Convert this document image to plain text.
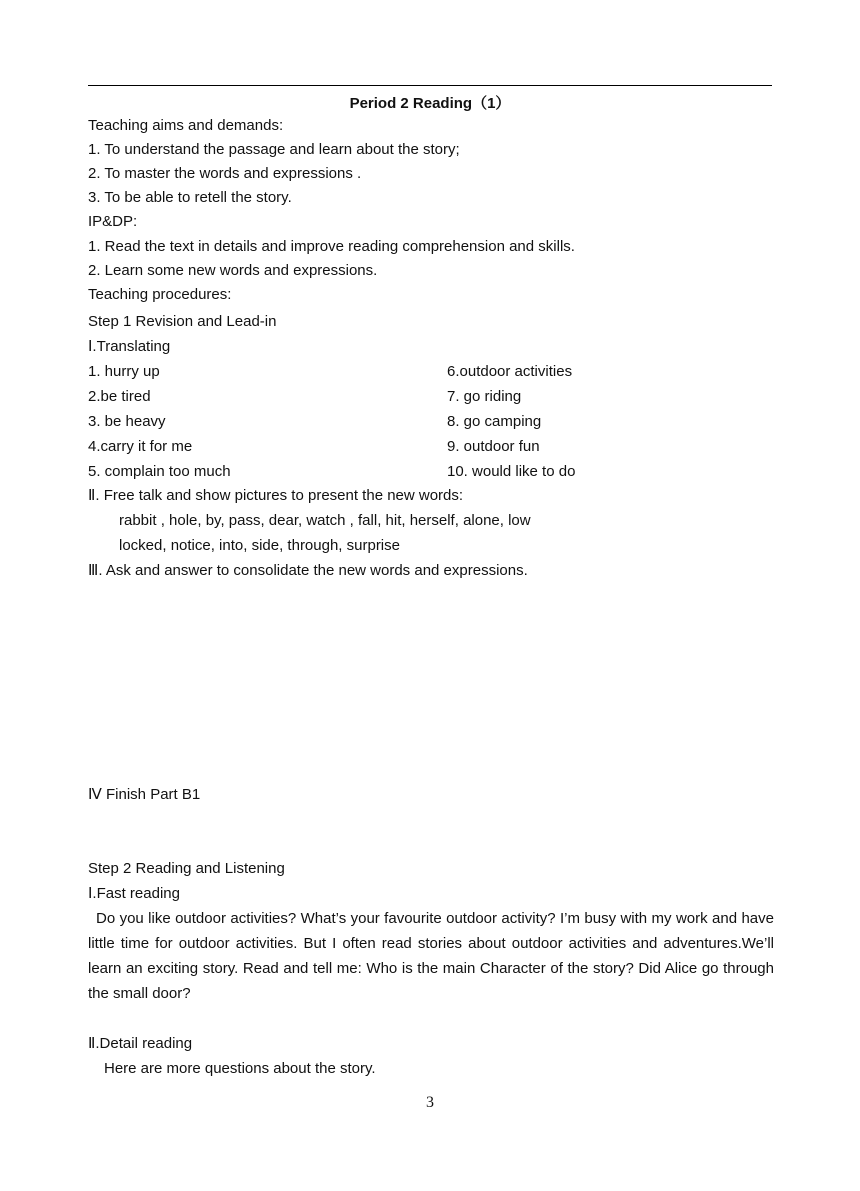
Period 2 Reading（1）
Teaching aims and demands:
1. To understand the passage and learn about the story;
2. To master the words and expressions .
3. To be able to retell the story.
IP&DP:
1. Read the text in details and improve reading comprehension and skills.
2. Learn some new words and expressions.
Teaching procedures:
Step 1 Revision and Lead-in
Ⅰ.Translating
1. hurry up
2.be tired
3. be heavy
4.carry it for me
5. complain too much
6.outdoor activities
7. go riding
8. go camping
9. outdoor fun
10. would like to do
Ⅱ. Free talk and show pictures to present the new words:
rabbit , hole, by, pass, dear, watch , fall, hit, herself, alone, low
locked, notice, into, side, through, surprise
Ⅲ. Ask and answer to consolidate the new words and expressions.
Ⅳ Finish Part B1
Step 2 Reading and Listening
Ⅰ.Fast reading
Do you like outdoor activities? What’s your favourite outdoor activity? I’m busy with my work and have little time for outdoor activities. But I often read stories about outdoor activities and adventures.We’ll learn an exciting story. Read and tell me: Who is the main Character of the story? Did Alice go through the small door?
Ⅱ.Detail reading
Here are more questions about the story.
3
